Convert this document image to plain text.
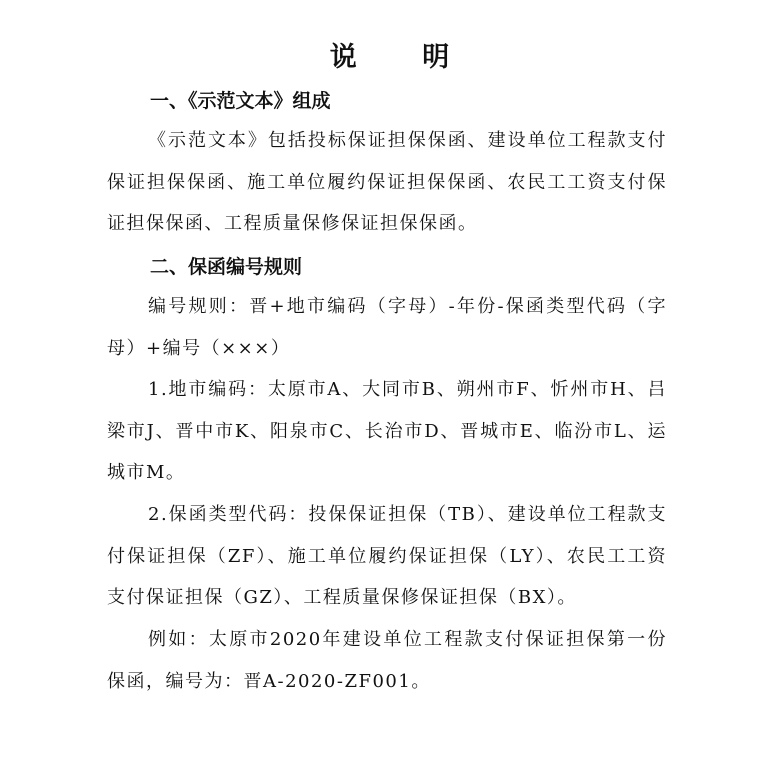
说 明
一、《示范文本》组成
《示范文本》包括投标保证担保保函、建设单位工程款支付保证担保保函、施工单位履约保证担保保函、农民工工资支付保证担保保函、工程质量保修保证担保保函。
二、保函编号规则
编号规则：晋+地市编码（字母）-年份-保函类型代码（字母）+编号（×××）
1.地市编码：太原市A、大同市B、朔州市F、忻州市H、吕梁市J、晋中市K、阳泉市C、长治市D、晋城市E、临汾市L、运城市M。
2.保函类型代码：投保保证担保（TB）、建设单位工程款支付保证担保（ZF）、施工单位履约保证担保（LY）、农民工工资支付保证担保（GZ）、工程质量保修保证担保（BX）。
例如：太原市2020年建设单位工程款支付保证担保第一份保函，编号为：晋A-2020-ZF001。
